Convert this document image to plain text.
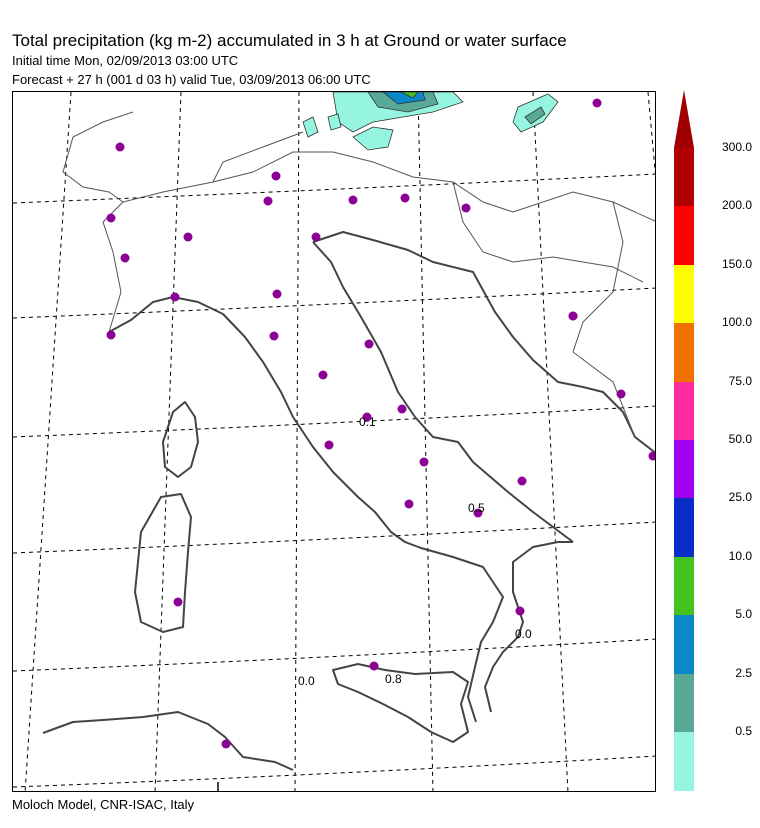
Total precipitation (kg m-2) accumulated in 3 h at Ground or water surface
Initial time Mon, 02/09/2013 03:00 UTC
Forecast + 27 h (001 d 03 h) valid Tue, 03/09/2013 06:00 UTC
0.1
0.5
0.0
0.0	0.8
300.0
200.0
150.0
100.0
75.0
50.0
25.0
10.0
5.0
2.5
0.5
Moloch Model, CNR-ISAC, Italy
